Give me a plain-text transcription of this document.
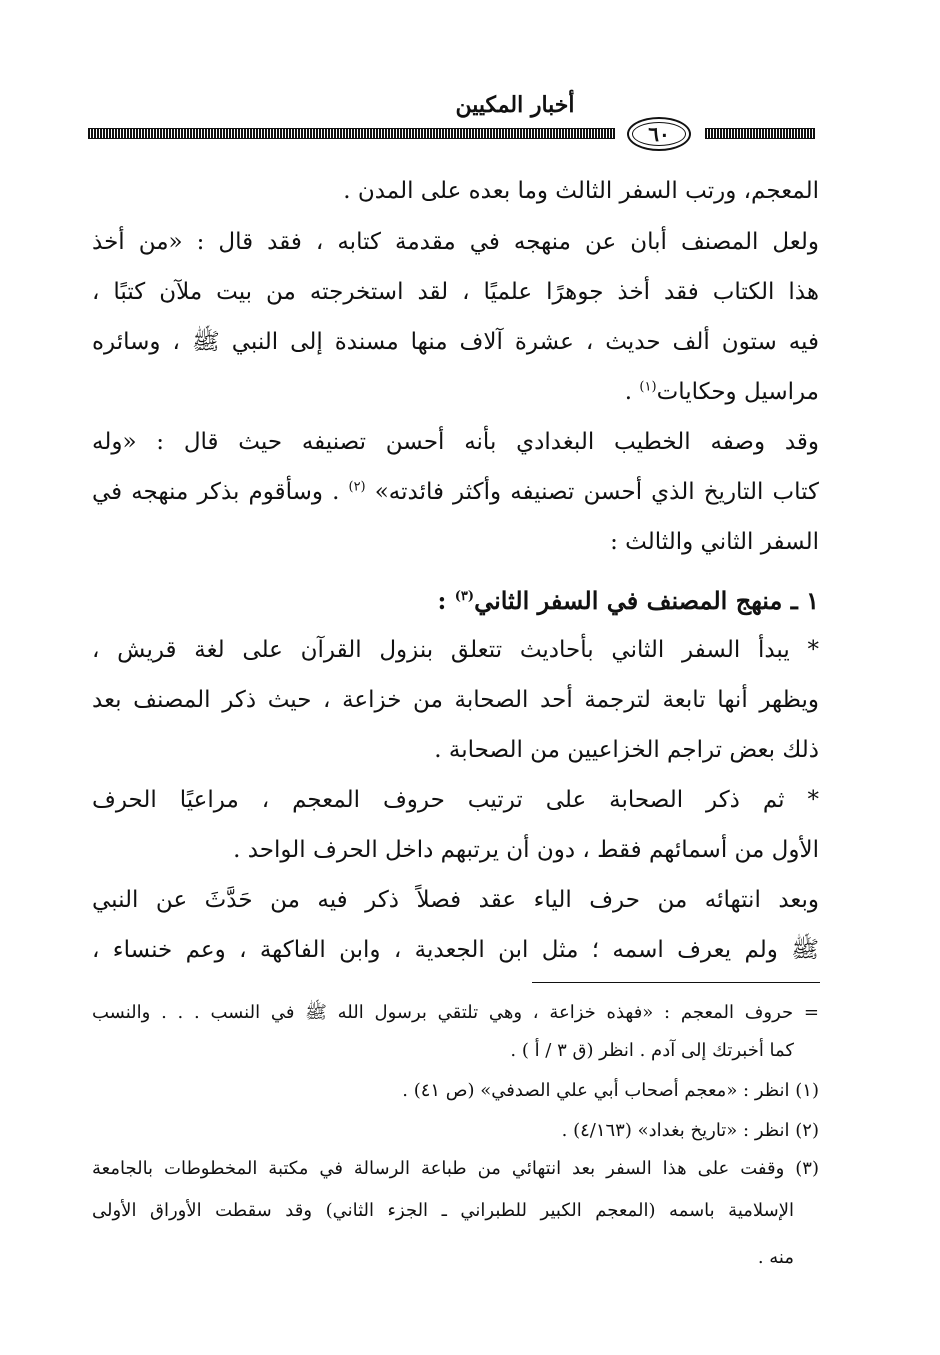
أخبار المكيين
٦٠
المعجم، ورتب السفر الثالث وما بعده على المدن .
ولعل المصنف أبان عن منهجه في مقدمة كتابه ، فقد قال : «من أخذ
هذا الكتاب فقد أخذ جوهرًا علميًا ، لقد استخرجته من بيت ملآن كتبًا ،
فيه ستون ألف حديث ، عشرة آلاف منها مسندة إلى النبي ﷺ ، وسائره
مراسيل وحكايات$^{(١)}$ .
وقد وصفه الخطيب البغدادي بأنه أحسن تصنيفه حيث قال : «وله
كتاب التاريخ الذي أحسن تصنيفه وأكثر فائدته» $^{(٢)}$ . وسأقوم بذكر منهجه في
السفر الثاني والثالث :
١ ـ منهج المصنف في السفر الثاني$^{(٣)}$ :
* يبدأ السفر الثاني بأحاديث تتعلق بنزول القرآن على لغة قريش ،
ويظهر أنها تابعة لترجمة أحد الصحابة من خزاعة ، حيث ذكر المصنف بعد
ذلك بعض تراجم الخزاعيين من الصحابة .
* ثم ذكر الصحابة على ترتيب حروف المعجم ، مراعيًا الحرف
الأول من أسمائهم فقط ، دون أن يرتبهم داخل الحرف الواحد .
وبعد انتهائه من حرف الياء عقد فصلاً ذكر فيه من حَدَّثَ عن النبي
ﷺ ولم يعرف اسمه ؛ مثل ابن الجعدية ، وابن الفاكهة ، وعم خنساء ،
= حروف المعجم : «فهذه خزاعة ، وهي تلتقي برسول الله ﷺ في النسب . . . والنسب
كما أخبرتك إلى آدم . انظر (ق ٣ / أ ) .
(١) انظر : «معجم أصحاب أبي علي الصدفي» (ص ٤١) .
(٢) انظر : «تاريخ بغداد» (٤/١٦٣) .
(٣) وقفت على هذا السفر بعد انتهائي من طباعة الرسالة في مكتبة المخطوطات بالجامعة
الإسلامية باسمه (المعجم الكبير للطبراني ـ الجزء الثاني) وقد سقطت الأوراق الأولى
منه .
